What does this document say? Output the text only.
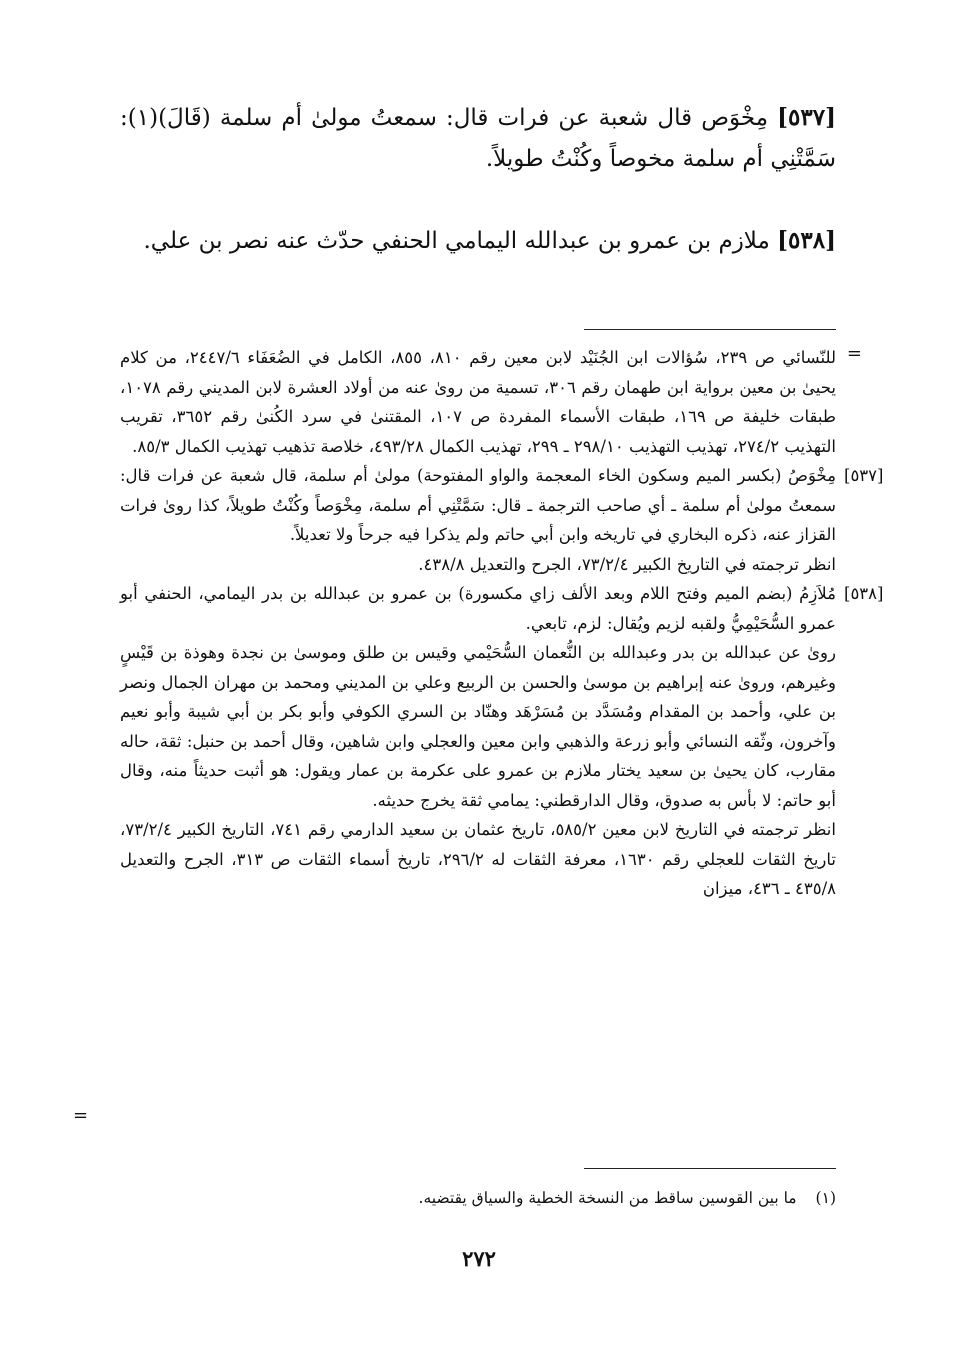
[٥٣٧] مِخْوَص قال شعبة عن فرات قال: سمعتُ مولىٰ أم سلمة (قَالَ)(١): سَمَّتْنِي أم سلمة مخوصاً وكُنْتُ طويلاً.
[٥٣٨] ملازم بن عمرو بن عبدالله اليمامي الحنفي حدّث عنه نصر بن علي.
=
للنّسائي ص ٢٣٩، سُؤالات ابن الجُنَيْد لابن معين رقم ٨١٠، ٨٥٥، الكامل في الضُعَفَاء ٢٤٤٧/٦، من كلام يحيىٰ بن معين برواية ابن طهمان رقم ٣٠٦، تسمية من روىٰ عنه من أولاد العشرة لابن المديني رقم ١٠٧٨، طبقات خليفة ص ١٦٩، طبقات الأسماء المفردة ص ١٠٧، المقتنىٰ في سرد الكُنىٰ رقم ٣٦٥٢، تقريب التهذيب ٢٧٤/٢، تهذيب التهذيب ٢٩٨/١٠ ـ ٢٩٩، تهذيب الكمال ٤٩٣/٢٨، خلاصة تذهيب تهذيب الكمال ٨٥/٣.
[٥٣٧]
مِخْوَصُ (بكسر الميم وسكون الخاء المعجمة والواو المفتوحة) مولىٰ أم سلمة، قال شعبة عن فرات قال: سمعتُ مولىٰ أم سلمة ـ أي صاحب الترجمة ـ قال: سَمَّتْنِي أم سلمة، مِخْوَصاً وكُنْتُ طويلاً، كذا روىٰ فرات القزاز عنه، ذكره البخاري في تاريخه وابن أبي حاتم ولم يذكرا فيه جرحاً ولا تعديلاً.
انظر ترجمته في التاريخ الكبير ٧٣/٢/٤، الجرح والتعديل ٤٣٨/٨.
[٥٣٨]
مُلاَزِمُ (بضم الميم وفتح اللام وبعد الألف زاي مكسورة) بن عمرو بن عبدالله بن بدر اليمامي، الحنفي أبو عمرو السُّحَيْمِيُّ ولقبه لزيم ويُقال: لزم، تابعي.
روىٰ عن عبدالله بن بدر وعبدالله بن النُّعمان السُّحَيْمي وقيس بن طلق وموسىٰ بن نجدة وهوذة بن قَيْسٍ وغيرهم، وروىٰ عنه إبراهيم بن موسىٰ والحسن بن الربيع وعلي بن المديني ومحمد بن مهران الجمال ونصر بن علي، وأحمد بن المقدام ومُسَدَّد بن مُسَرْهَد وهنّاد بن السري الكوفي وأبو بكر بن أبي شيبة وأبو نعيم وآخرون، وثّقه النسائي وأبو زرعة والذهبي وابن معين والعجلي وابن شاهين، وقال أحمد بن حنبل: ثقة، حاله مقارب، كان يحيىٰ بن سعيد يختار ملازم بن عمرو على عكرمة بن عمار ويقول: هو أثبت حديثاً منه، وقال أبو حاتم: لا بأس به صدوق، وقال الدارقطني: يمامي ثقة يخرج حديثه.
انظر ترجمته في التاريخ لابن معين ٥٨٥/٢، تاريخ عثمان بن سعيد الدارمي رقم ٧٤١، التاريخ الكبير ٧٣/٢/٤، تاريخ الثقات للعجلي رقم ١٦٣٠، معرفة الثقات له ٢٩٦/٢، تاريخ أسماء الثقات ص ٣١٣، الجرح والتعديل ٤٣٥/٨ ـ ٤٣٦، ميزان
=
(١) ما بين القوسين ساقط من النسخة الخطية والسياق يقتضيه.
٢٧٢
